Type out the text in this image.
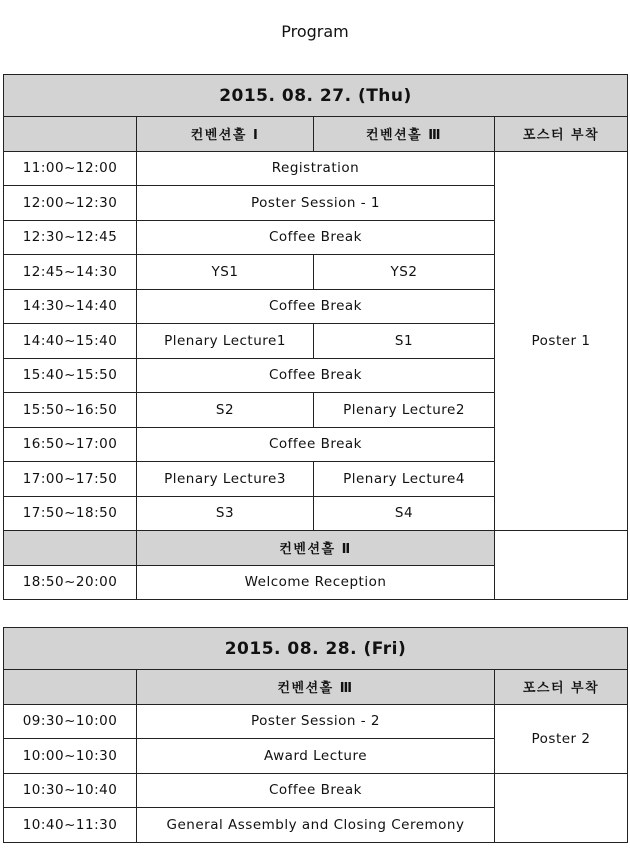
Program
2015. 08. 27. (Thu)			
	컨벤션홀 Ⅰ	컨벤션홀 Ⅲ	포스터 부착
11:00~12:00	Registration		Poster 1
12:00~12:30	Poster Session - 1		
12:30~12:45	Coffee Break		
12:45~14:30	YS1	YS2	
14:30~14:40	Coffee Break		
14:40~15:40	Plenary Lecture1	S1	
15:40~15:50	Coffee Break		
15:50~16:50	S2	Plenary Lecture2	
16:50~17:00	Coffee Break		
17:00~17:50	Plenary Lecture3	Plenary Lecture4	
17:50~18:50	S3	S4	
	컨벤션홀 Ⅱ		
18:50~20:00	Welcome Reception		
2015. 08. 28. (Fri)		
	컨벤션홀 Ⅲ	포스터 부착
09:30~10:00	Poster Session - 2	Poster 2
10:00~10:30	Award Lecture	
10:30~10:40	Coffee Break	
10:40~11:30	General Assembly and Closing Ceremony	
